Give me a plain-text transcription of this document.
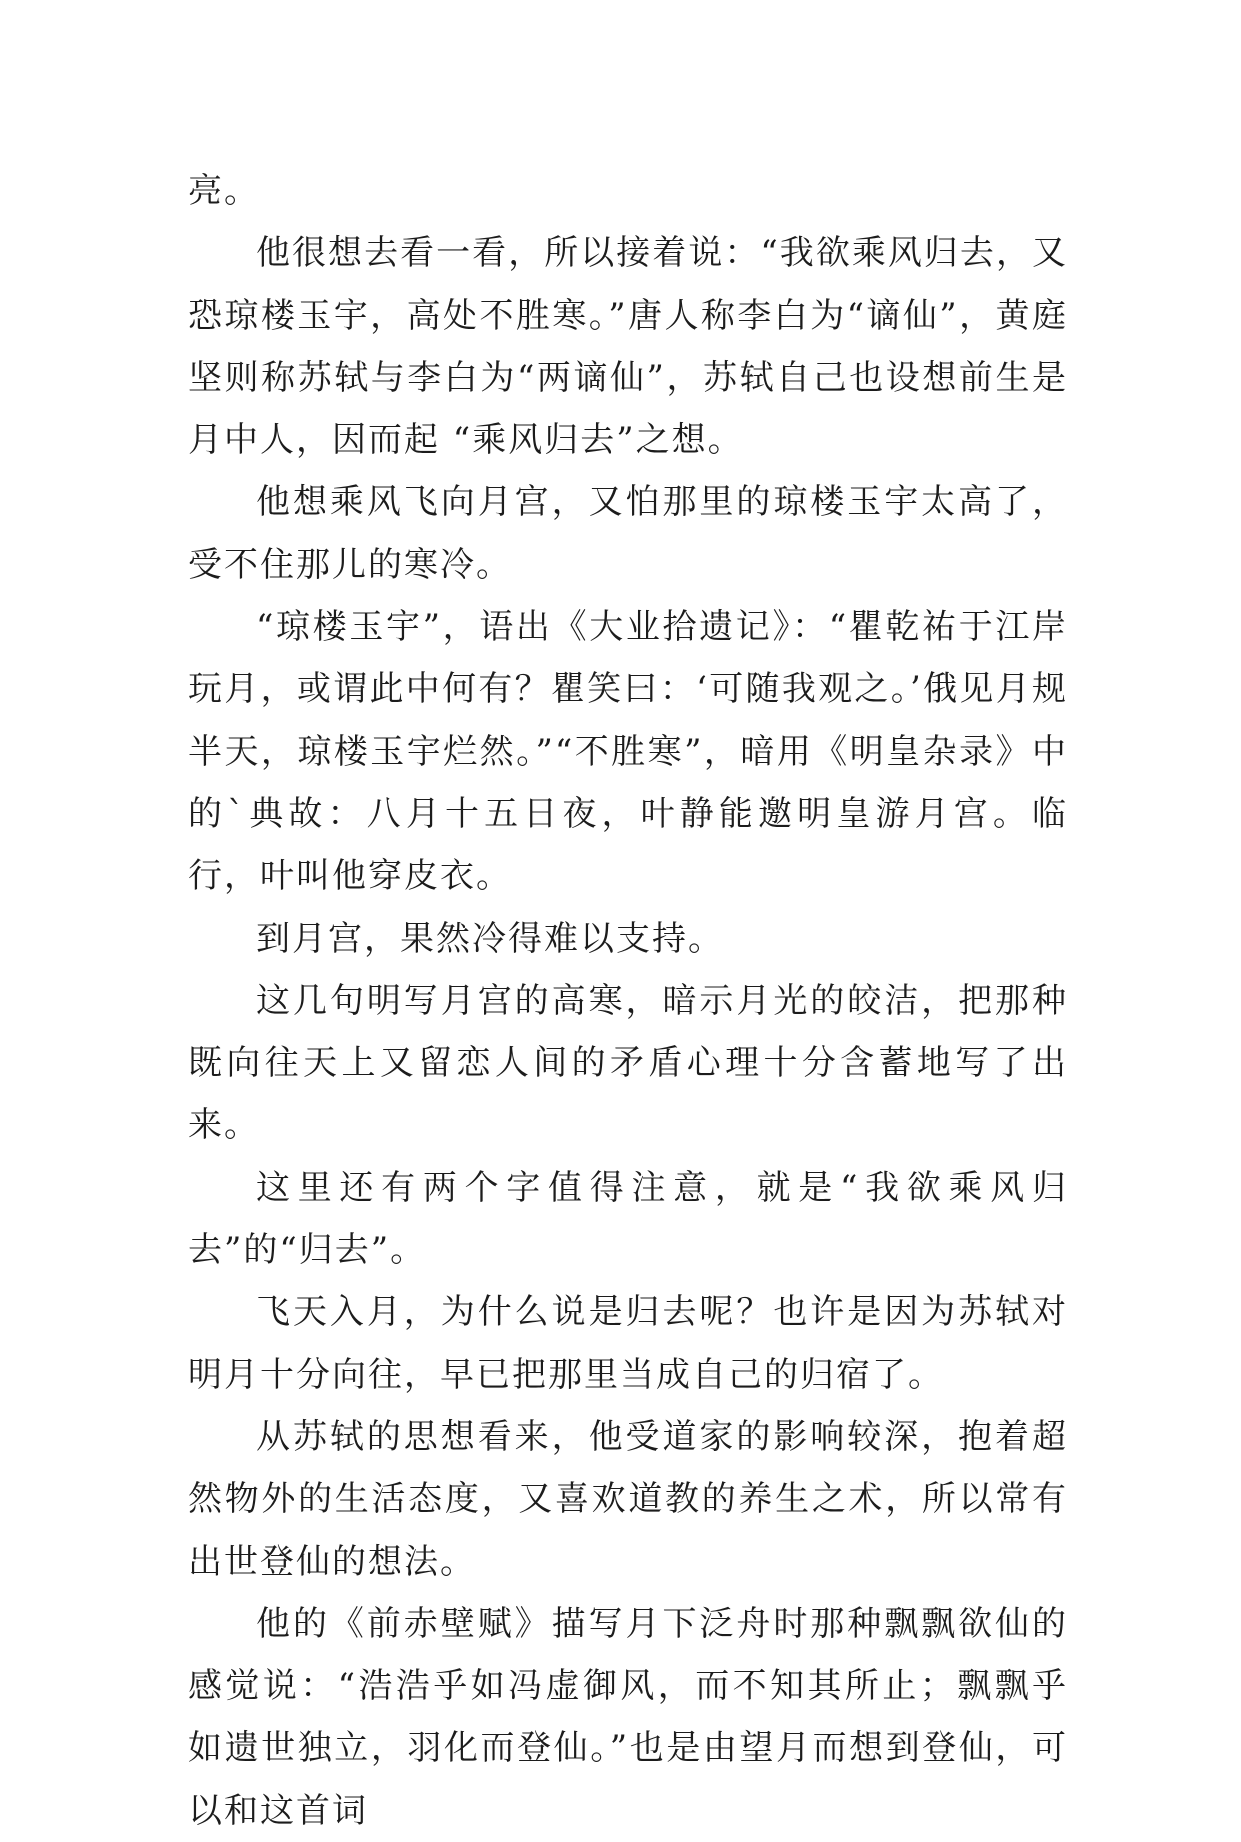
亮。

他很想去看一看，所以接着说：“我欲乘风归去，又恐琼楼玉宇，高处不胜寒。”唐人称李白为“谪仙”，黄庭坚则称苏轼与李白为“两谪仙”，苏轼自己也设想前生是月中人，因而起 “乘风归去”之想。

他想乘风飞向月宫，又怕那里的琼楼玉宇太高了，受不住那儿的寒冷。

“琼楼玉宇”，语出《大业拾遗记》：“瞿乾祐于江岸玩月，或谓此中何有？瞿笑曰：‘可随我观之。’俄见月规半天，琼楼玉宇烂然。”“不胜寒”，暗用《明皇杂录》中的`典故：八月十五日夜，叶静能邀明皇游月宫。临行，叶叫他穿皮衣。

到月宫，果然冷得难以支持。

这几句明写月宫的高寒，暗示月光的皎洁，把那种既向往天上又留恋人间的矛盾心理十分含蓄地写了出来。

这里还有两个字值得注意，就是“我欲乘风归去”的“归去”。

飞天入月，为什么说是归去呢？也许是因为苏轼对明月十分向往，早已把那里当成自己的归宿了。

从苏轼的思想看来，他受道家的影响较深，抱着超然物外的生活态度，又喜欢道教的养生之术，所以常有出世登仙的想法。

他的《前赤壁赋》描写月下泛舟时那种飘飘欲仙的感觉说：“浩浩乎如冯虚御风，而不知其所止；飘飘乎如遗世独立，羽化而登仙。”也是由望月而想到登仙，可以和这首词
